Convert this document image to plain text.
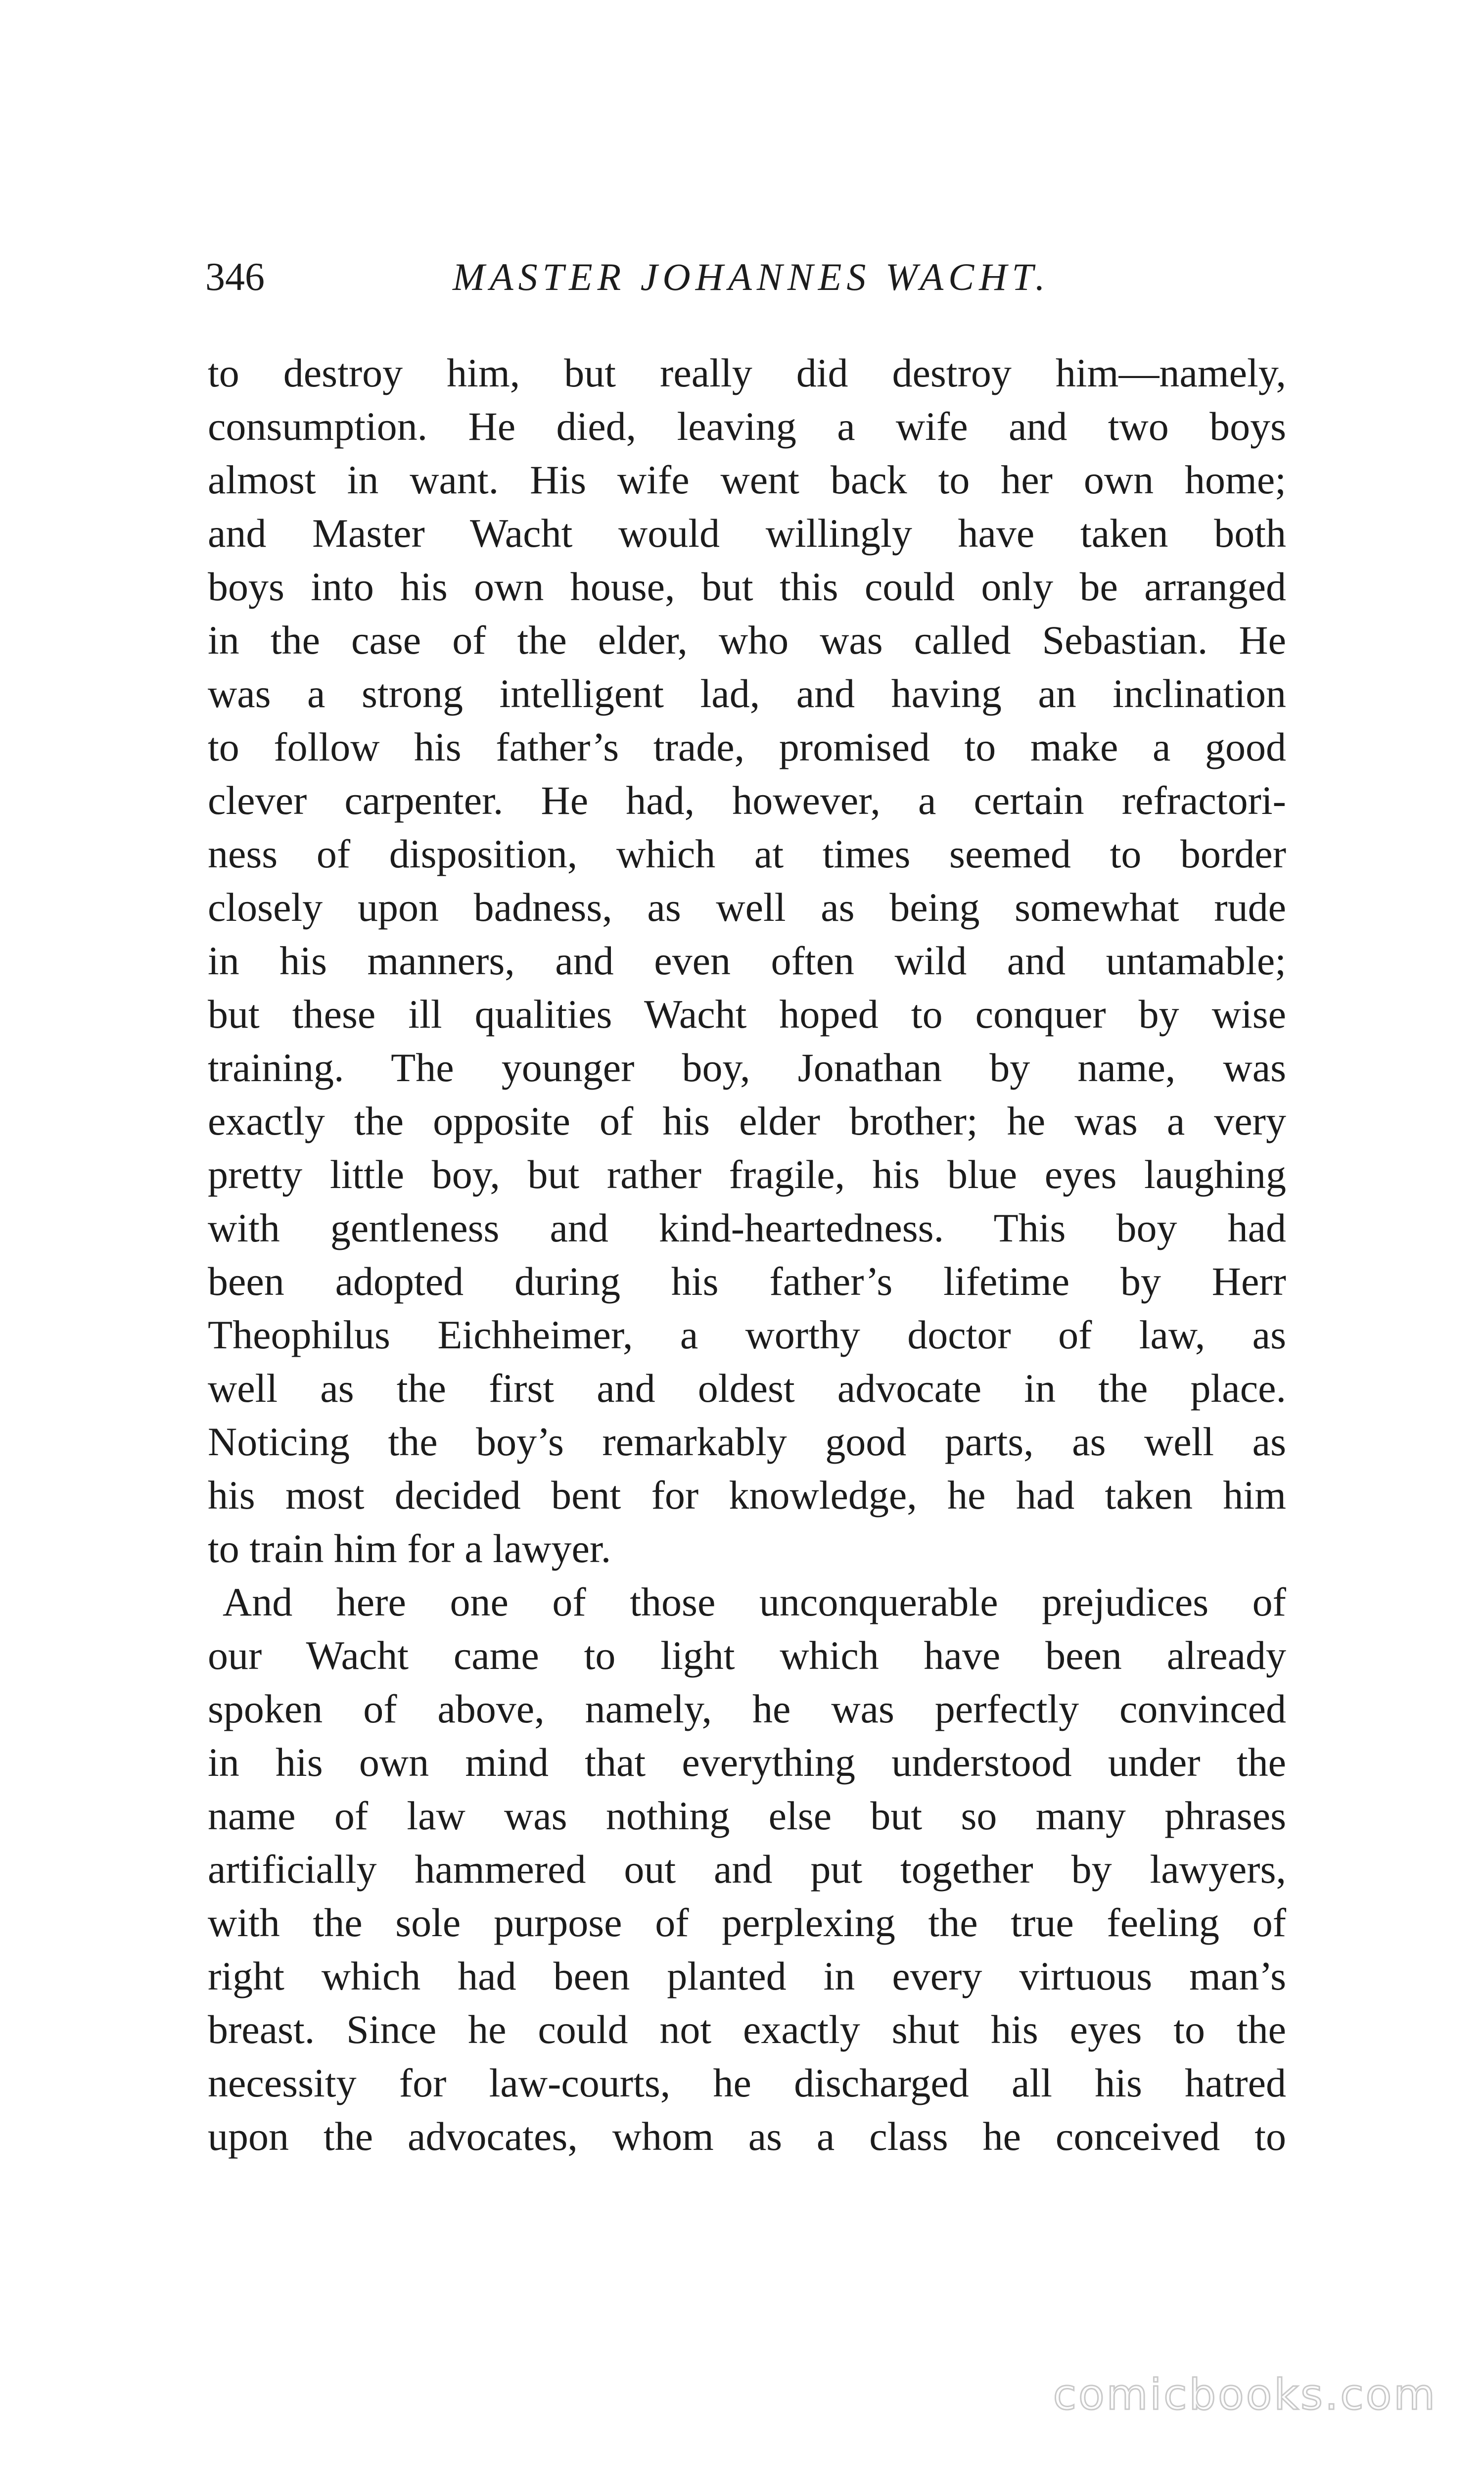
346	MASTER JOHANNES WACHT.
to destroy him, but really did destroy him—namely,
consumption. He died, leaving a wife and two boys
almost in want. His wife went back to her own home;
and Master Wacht would willingly have taken both
boys into his own house, but this could only be arranged
in the case of the elder, who was called Sebastian. He
was a strong intelligent lad, and having an inclination
to follow his father’s trade, promised to make a good
clever carpenter. He had, however, a certain refractori-
ness of disposition, which at times seemed to border
closely upon badness, as well as being somewhat rude
in his manners, and even often wild and untamable;
but these ill qualities Wacht hoped to conquer by wise
training. The younger boy, Jonathan by name, was
exactly the opposite of his elder brother; he was a very
pretty little boy, but rather fragile, his blue eyes laughing
with gentleness and kind-heartedness. This boy had
been adopted during his father’s lifetime by Herr
Theophilus Eichheimer, a worthy doctor of law, as
well as the first and oldest advocate in the place.
Noticing the boy’s remarkably good parts, as well as
his most decided bent for knowledge, he had taken him
to train him for a lawyer.
And here one of those unconquerable prejudices of
our Wacht came to light which have been already
spoken of above, namely, he was perfectly convinced
in his own mind that everything understood under the
name of law was nothing else but so many phrases
artificially hammered out and put together by lawyers,
with the sole purpose of perplexing the true feeling of
right which had been planted in every virtuous man’s
breast. Since he could not exactly shut his eyes to the
necessity for law-courts, he discharged all his hatred
upon the advocates, whom as a class he conceived to
comicbooks.com
